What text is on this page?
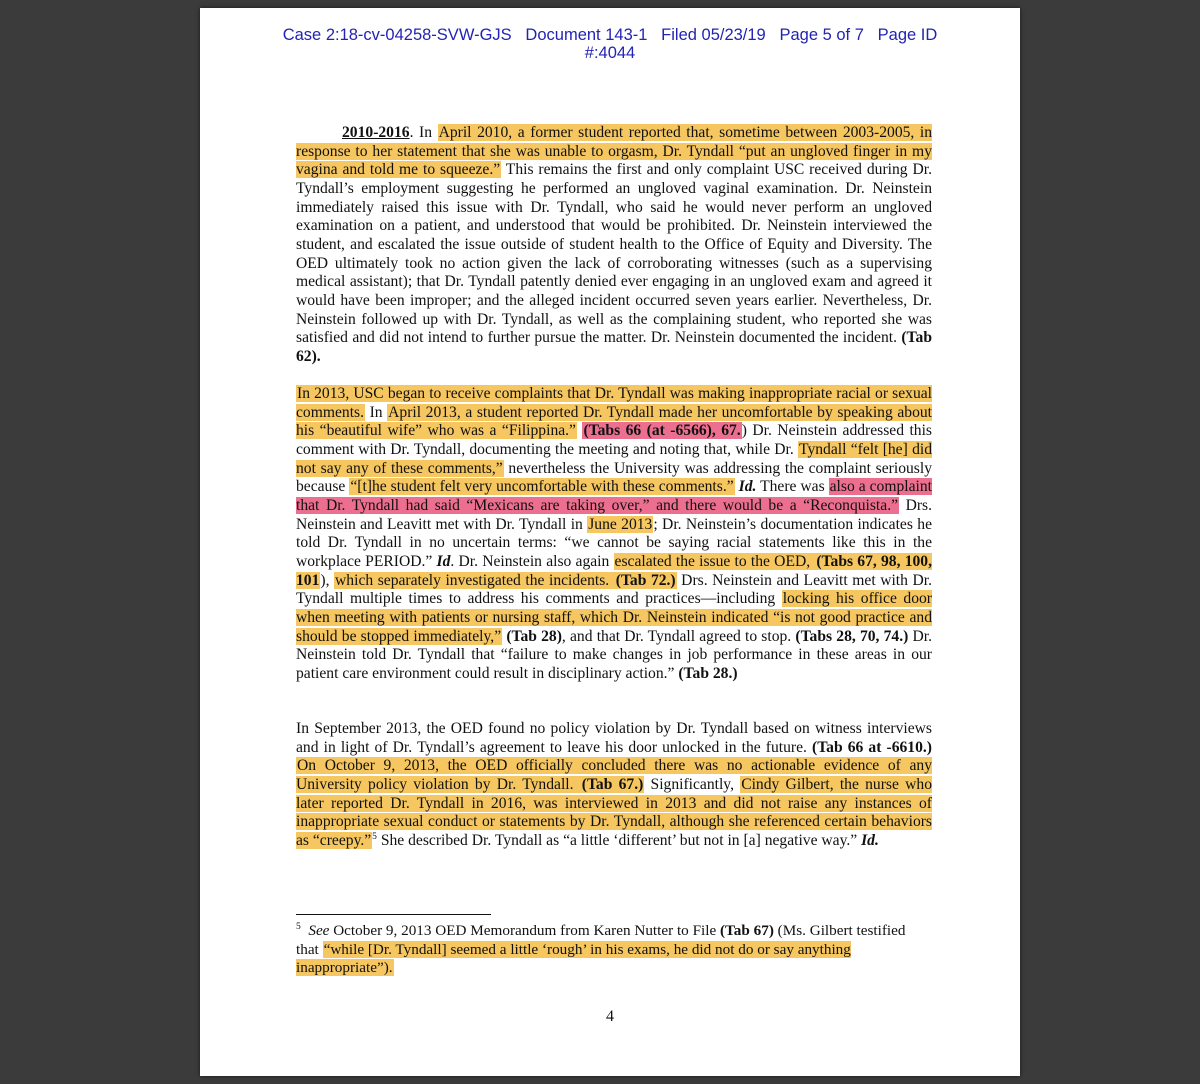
Case 2:18-cv-04258-SVW-GJS   Document 143-1   Filed 05/23/19   Page 5 of 7   Page ID
#:4044
2010-2016. In April 2010, a former student reported that, sometime between 2003-2005, in response to her statement that she was unable to orgasm, Dr. Tyndall “put an ungloved finger in my vagina and told me to squeeze.” This remains the first and only complaint USC received during Dr. Tyndall’s employment suggesting he performed an ungloved vaginal examination. Dr. Neinstein immediately raised this issue with Dr. Tyndall, who said he would never perform an ungloved examination on a patient, and understood that would be prohibited. Dr. Neinstein interviewed the student, and escalated the issue outside of student health to the Office of Equity and Diversity. The OED ultimately took no action given the lack of corroborating witnesses (such as a supervising medical assistant); that Dr. Tyndall patently denied ever engaging in an ungloved exam and agreed it would have been improper; and the alleged incident occurred seven years earlier. Nevertheless, Dr. Neinstein followed up with Dr. Tyndall, as well as the complaining student, who reported she was satisfied and did not intend to further pursue the matter. Dr. Neinstein documented the incident. (Tab 62).
In 2013, USC began to receive complaints that Dr. Tyndall was making inappropriate racial or sexual comments. In April 2013, a student reported Dr. Tyndall made her uncomfortable by speaking about his “beautiful wife” who was a “Filippina.” (Tabs 66 (at -6566), 67.) Dr. Neinstein addressed this comment with Dr. Tyndall, documenting the meeting and noting that, while Dr. Tyndall “felt [he] did not say any of these comments,” nevertheless the University was addressing the complaint seriously because “[t]he student felt very uncomfortable with these comments.” Id. There was also a complaint that Dr. Tyndall had said “Mexicans are taking over,” and there would be a “Reconquista.” Drs. Neinstein and Leavitt met with Dr. Tyndall in June 2013; Dr. Neinstein’s documentation indicates he told Dr. Tyndall in no uncertain terms: “we cannot be saying racial statements like this in the workplace PERIOD.” Id. Dr. Neinstein also again escalated the issue to the OED, (Tabs 67, 98, 100, 101), which separately investigated the incidents. (Tab 72.) Drs. Neinstein and Leavitt met with Dr. Tyndall multiple times to address his comments and practices—including locking his office door when meeting with patients or nursing staff, which Dr. Neinstein indicated “is not good practice and should be stopped immediately,” (Tab 28), and that Dr. Tyndall agreed to stop. (Tabs 28, 70, 74.) Dr. Neinstein told Dr. Tyndall that “failure to make changes in job performance in these areas in our patient care environment could result in disciplinary action.” (Tab 28.)
In September 2013, the OED found no policy violation by Dr. Tyndall based on witness interviews and in light of Dr. Tyndall’s agreement to leave his door unlocked in the future. (Tab 66 at -6610.) On October 9, 2013, the OED officially concluded there was no actionable evidence of any University policy violation by Dr. Tyndall. (Tab 67.) Significantly, Cindy Gilbert, the nurse who later reported Dr. Tyndall in 2016, was interviewed in 2013 and did not raise any instances of inappropriate sexual conduct or statements by Dr. Tyndall, although she referenced certain behaviors as “creepy.”$^5$ She described Dr. Tyndall as “a little ‘different’ but not in [a] negative way.” Id.
$^5$ See October 9, 2013 OED Memorandum from Karen Nutter to File (Tab 67) (Ms. Gilbert testified that “while [Dr. Tyndall] seemed a little ‘rough’ in his exams, he did not do or say anything inappropriate”).
4
